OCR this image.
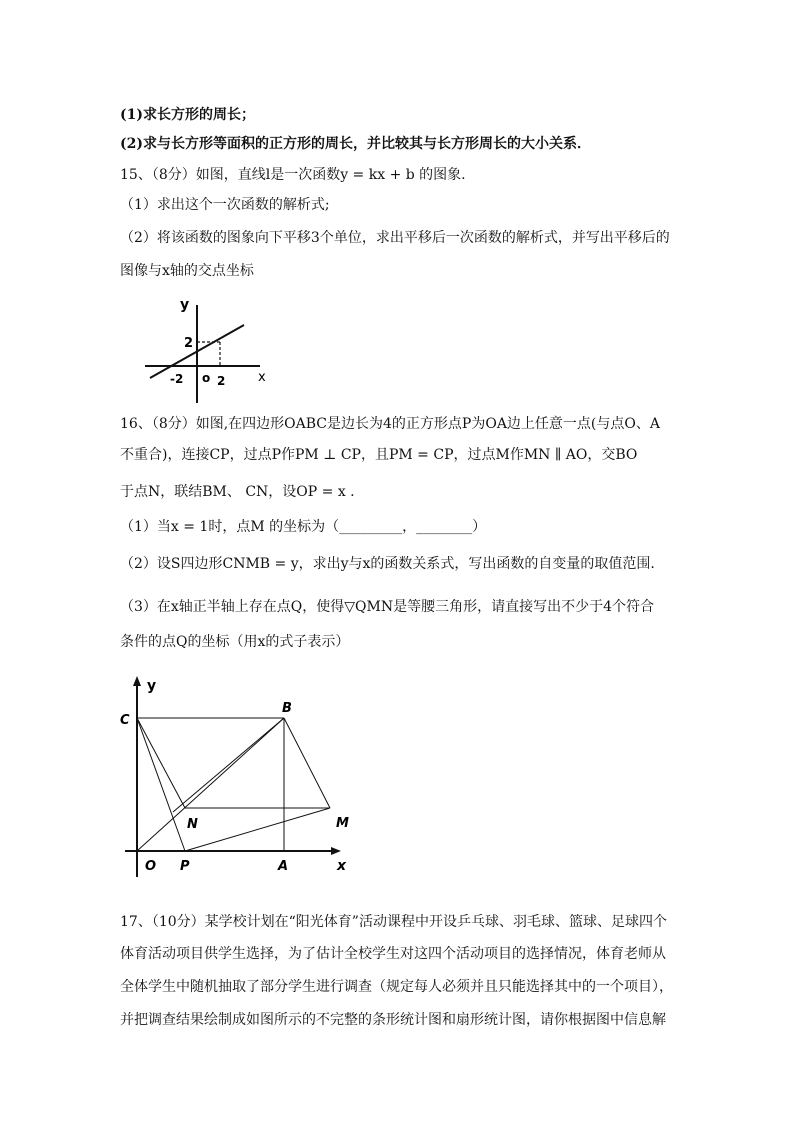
(1)求长方形的周长；
(2)求与长方形等面积的正方形的周长，并比较其与长方形周长的大小关系．
15、（8分）如图，直线l是一次函数y = kx + b 的图象.
（1）求出这个一次函数的解析式;
（2）将该函数的图象向下平移3个单位，求出平移后一次函数的解析式，并写出平移后的
图像与x轴的交点坐标
y
2
-2 o 2	x
16、（8分）如图,在四边形OABC是边长为4的正方形点P为OA边上任意一点(与点O、A
不重合)，连接CP，过点P作PM ⊥ CP，且PM = CP，过点M作MN ∥ AO，交BO
于点N，联结BM、 CN，设OP = x .
（1）当x = 1时，点M 的坐标为（_________，________）
（2）设S四边形CNMB = y，求出y与x的函数关系式，写出函数的自变量的取值范围.
（3）在x轴正半轴上存在点Q，使得▽QMN是等腰三角形，请直接写出不少于4个符合
条件的点Q的坐标（用x的式子表示）
y
C
B
N	M
O P	A	x
17、（10分）某学校计划在“阳光体育”活动课程中开设乒乓球、羽毛球、篮球、足球四个
体育活动项目供学生选择，为了估计全校学生对这四个活动项目的选择情况，体育老师从
全体学生中随机抽取了部分学生进行调查（规定每人必须并且只能选择其中的一个项目），
并把调查结果绘制成如图所示的不完整的条形统计图和扇形统计图，请你根据图中信息解
